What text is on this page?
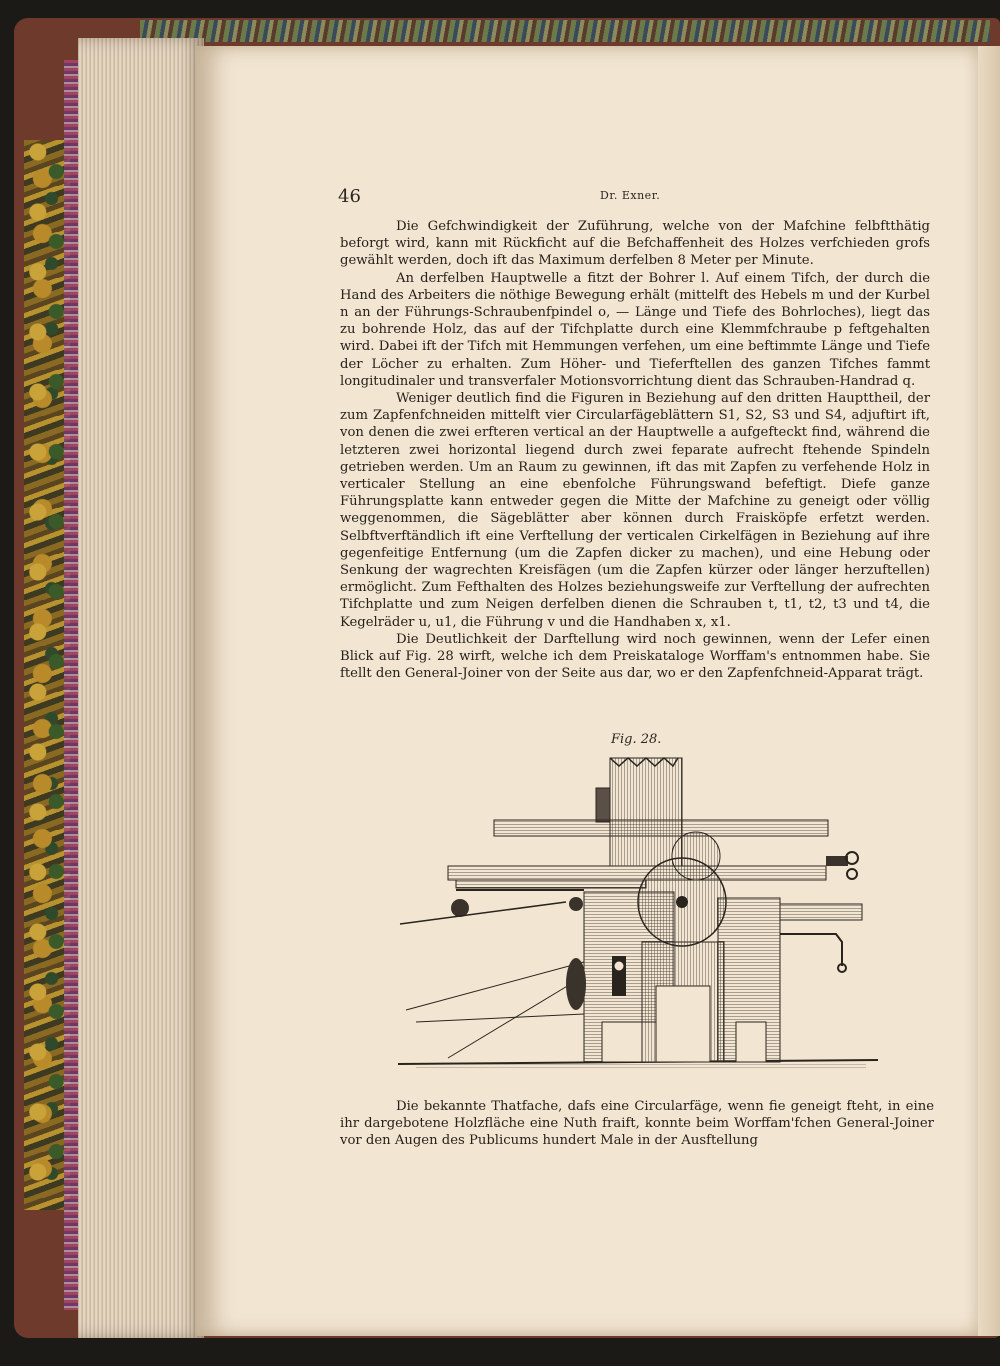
46	Dr. Exner.

Die Gefchwindigkeit der Zuführung, welche von der Mafchine felbftthätig beforgt wird, kann mit Rückficht auf die Befchaffenheit des Holzes verfchieden grofs gewählt werden, doch ift das Maximum derfelben 8 Meter per Minute.

An derfelben Hauptwelle a fitzt der Bohrer l. Auf einem Tifch, der durch die Hand des Arbeiters die nöthige Bewegung erhält (mittelft des Hebels m und der Kurbel n an der Führungs-Schraubenfpindel o, — Länge und Tiefe des Bohrloches), liegt das zu bohrende Holz, das auf der Tifchplatte durch eine Klemmfchraube p feftgehalten wird. Dabei ift der Tifch mit Hemmungen verfehen, um eine beftimmte Länge und Tiefe der Löcher zu erhalten. Zum Höher- und Tieferftellen des ganzen Tifches fammt longitudinaler und transverfaler Motionsvorrichtung dient das Schrauben-Handrad q.

Weniger deutlich find die Figuren in Beziehung auf den dritten Haupttheil, der zum Zapfenfchneiden mittelft vier Circularfägeblättern S1, S2, S3 und S4, adjuftirt ift, von denen die zwei erfteren vertical an der Hauptwelle a aufgefteckt find, während die letzteren zwei horizontal liegend durch zwei feparate aufrecht ftehende Spindeln getrieben werden. Um an Raum zu gewinnen, ift das mit Zapfen zu verfehende Holz in verticaler Stellung an eine ebenfolche Führungswand befeftigt. Diefe ganze Führungsplatte kann entweder gegen die Mitte der Mafchine zu geneigt oder völlig weggenommen, die Sägeblätter aber können durch Fraisköpfe erfetzt werden. Selbftverftändlich ift eine Verftellung der verticalen Cirkelfägen in Beziehung auf ihre gegenfeitige Entfernung (um die Zapfen dicker zu machen), und eine Hebung oder Senkung der wagrechten Kreisfägen (um die Zapfen kürzer oder länger herzuftellen) ermöglicht. Zum Fefthalten des Holzes beziehungsweife zur Verftellung der aufrechten Tifchplatte und zum Neigen derfelben dienen die Schrauben t, t1, t2, t3 und t4, die Kegelräder u, u1, die Führung v und die Handhaben x, x1.

Die Deutlichkeit der Darftellung wird noch gewinnen, wenn der Lefer einen Blick auf Fig. 28 wirft, welche ich dem Preiskataloge Worffam's entnommen habe. Sie ftellt den General-Joiner von der Seite aus dar, wo er den Zapfenfchneid-Apparat trägt.

Fig. 28.

Die bekannte Thatfache, dafs eine Circularfäge, wenn fie geneigt fteht, in eine ihr dargebotene Holzfläche eine Nuth fraift, konnte beim Worffam'fchen General-Joiner vor den Augen des Publicums hundert Male in der Ausftellung
